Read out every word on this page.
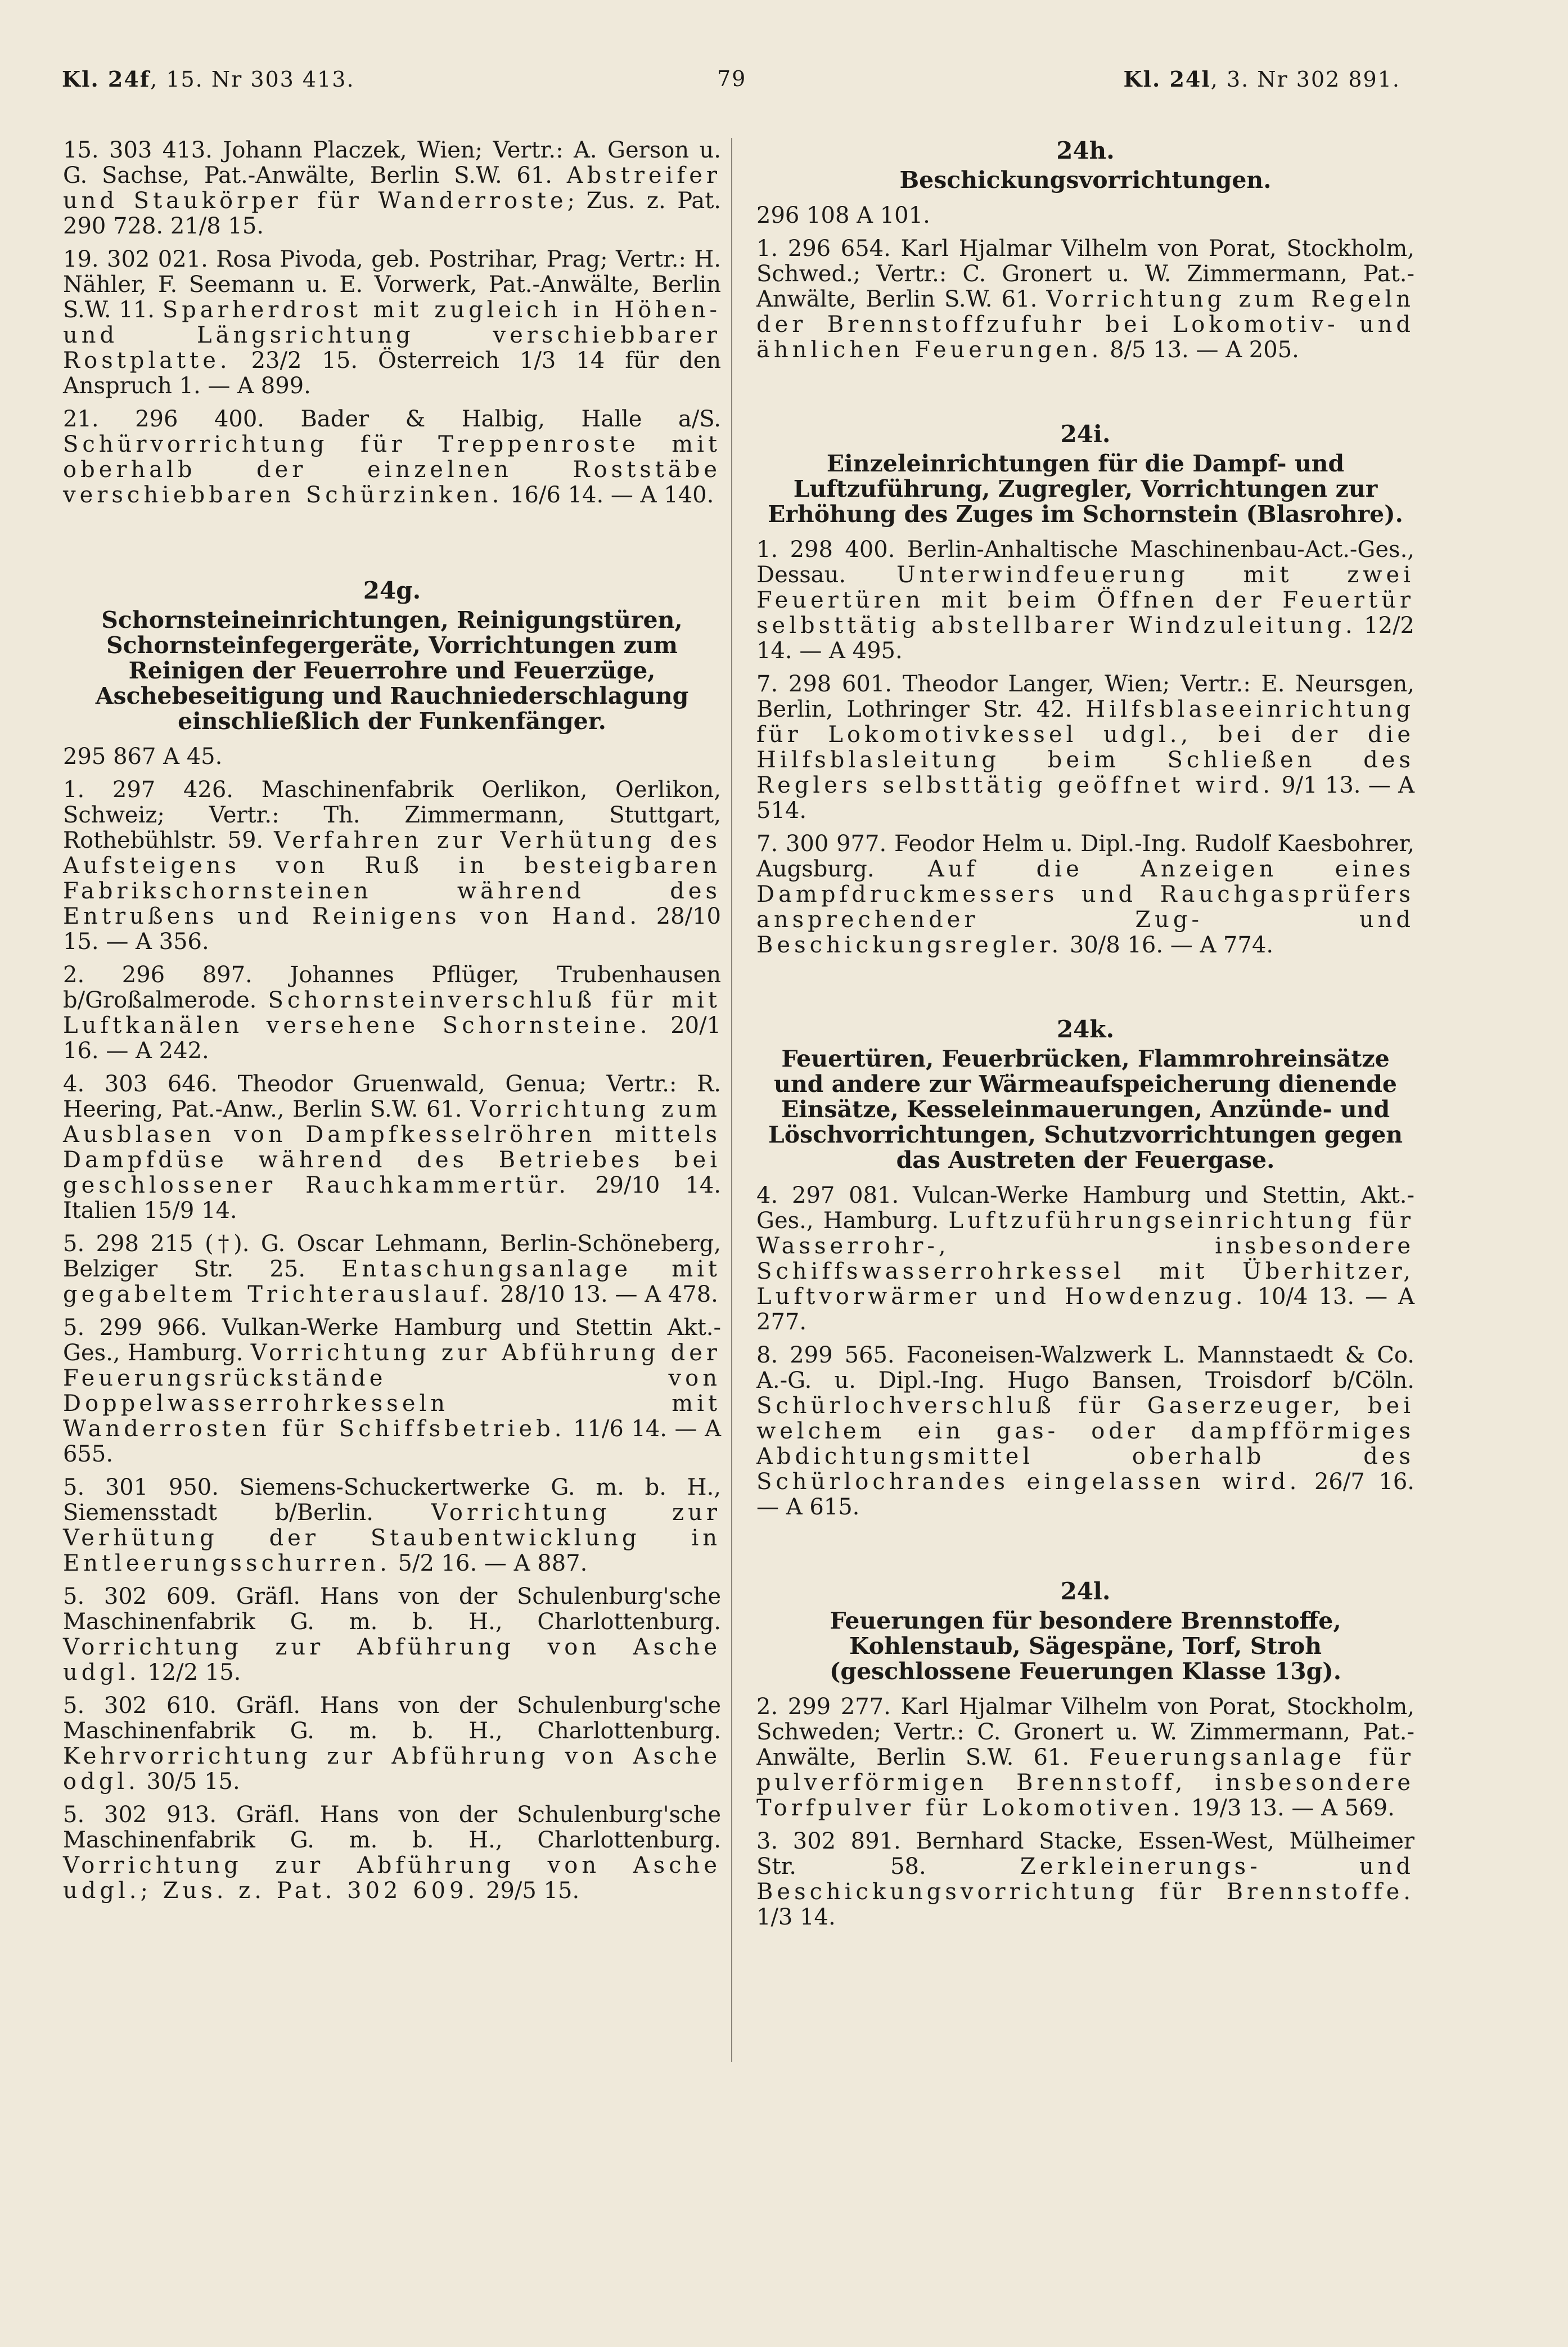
Kl. 24f, 15. Nr 303 413.	79	Kl. 24l, 3. Nr 302 891.

15. 303 413. Johann Placzek, Wien; Vertr.: A. Gerson u. G. Sachse, Pat.-Anwälte, Berlin S.W. 61. Abstreifer und Staukörper für Wanderroste; Zus. z. Pat. 290 728. 21/8 15.

19. 302 021. Rosa Pivoda, geb. Postrihar, Prag; Vertr.: H. Nähler, F. Seemann u. E. Vorwerk, Pat.-Anwälte, Berlin S.W. 11. Sparherdrost mit zugleich in Höhen- und Längsrichtung verschiebbarer Rostplatte. 23/2 15. Österreich 1/3 14 für den Anspruch 1. — A 899.

21. 296 400. Bader & Halbig, Halle a/S. Schürvorrichtung für Treppenroste mit oberhalb der einzelnen Roststäbe verschiebbaren Schürzinken. 16/6 14. — A 140.

24g.
Schornsteineinrichtungen, Reinigungstüren, Schornsteinfegergeräte, Vorrichtungen zum Reinigen der Feuerrohre und Feuerzüge, Aschebeseitigung und Rauchniederschlagung einschließlich der Funkenfänger.

295 867 A 45.

1. 297 426. Maschinenfabrik Oerlikon, Oerlikon, Schweiz; Vertr.: Th. Zimmermann, Stuttgart, Rothebühlstr. 59. Verfahren zur Verhütung des Aufsteigens von Ruß in besteigbaren Fabrikschornsteinen während des Entrußens und Reinigens von Hand. 28/10 15. — A 356.

2. 296 897. Johannes Pflüger, Trubenhausen b/Großalmerode. Schornsteinverschluß für mit Luftkanälen versehene Schornsteine. 20/1 16. — A 242.

4. 303 646. Theodor Gruenwald, Genua; Vertr.: R. Heering, Pat.-Anw., Berlin S.W. 61. Vorrichtung zum Ausblasen von Dampfkesselröhren mittels Dampfdüse während des Betriebes bei geschlossener Rauchkammertür. 29/10 14. Italien 15/9 14.

5. 298 215 (†). G. Oscar Lehmann, Berlin-Schöneberg, Belziger Str. 25. Entaschungsanlage mit gegabeltem Trichterauslauf. 28/10 13. — A 478.

5. 299 966. Vulkan-Werke Hamburg und Stettin Akt.-Ges., Hamburg. Vorrichtung zur Abführung der Feuerungsrückstände von Doppelwasserrohrkesseln mit Wanderrosten für Schiffsbetrieb. 11/6 14. — A 655.

5. 301 950. Siemens-Schuckertwerke G. m. b. H., Siemensstadt b/Berlin.	Vorrichtung zur Verhütung der Staubentwicklung in Entleerungsschurren. 5/2 16. — A 887.

5. 302 609. Gräfl. Hans von der Schulenburg'sche Maschinenfabrik G. m. b. H., Charlottenburg. Vorrichtung zur Abführung von Asche udgl. 12/2 15.

5. 302 610. Gräfl. Hans von der Schulenburg'sche Maschinenfabrik G. m. b. H., Charlottenburg. Kehrvorrichtung zur Abführung von Asche odgl. 30/5 15.

5. 302 913. Gräfl. Hans von der Schulenburg'sche Maschinenfabrik G. m. b. H., Charlottenburg. Vorrichtung zur Abführung von Asche udgl.; Zus. z. Pat. 302 609. 29/5 15.

24h.
Beschickungsvorrichtungen.

296 108 A 101.

1. 296 654. Karl Hjalmar Vilhelm von Porat, Stockholm, Schwed.; Vertr.: C. Gronert u. W. Zimmermann, Pat.-Anwälte, Berlin S.W. 61. Vorrichtung zum Regeln der Brennstoffzufuhr bei Lokomotiv- und ähnlichen Feuerungen. 8/5 13. — A 205.

24i.
Einzeleinrichtungen für die Dampf- und Luftzuführung, Zugregler, Vorrichtungen zur Erhöhung des Zuges im Schornstein (Blasrohre).

1. 298 400. Berlin-Anhaltische Maschinenbau-Act.-Ges., Dessau. Unterwindfeuerung mit zwei Feuertüren mit beim Öffnen der Feuertür selbsttätig abstellbarer Windzuleitung. 12/2 14. — A 495.

7. 298 601. Theodor Langer, Wien; Vertr.: E. Neursgen, Berlin, Lothringer Str. 42. Hilfsblaseeinrichtung für Lokomotivkessel udgl., bei der die Hilfsblasleitung beim Schließen des Reglers selbsttätig geöffnet wird. 9/1 13. — A 514.

7. 300 977. Feodor Helm u. Dipl.-Ing. Rudolf Kaesbohrer, Augsburg. Auf die Anzeigen eines Dampfdruckmessers und Rauchgasprüfers ansprechender Zug- und Beschickungsregler. 30/8 16. — A 774.

24k.
Feuertüren, Feuerbrücken, Flammrohreinsätze und andere zur Wärmeaufspeicherung dienende Einsätze, Kesseleinmauerungen, Anzünde- und Löschvorrichtungen, Schutzvorrichtungen gegen das Austreten der Feuergase.

4. 297 081. Vulcan-Werke Hamburg und Stettin, Akt.-Ges., Hamburg. Luftzuführungseinrichtung für Wasserrohr-, insbesondere Schiffswasserrohrkessel mit Überhitzer, Luftvorwärmer und Howdenzug. 10/4 13. — A 277.

8. 299 565. Faconeisen-Walzwerk L. Mannstaedt & Co. A.-G. u. Dipl.-Ing. Hugo Bansen, Troisdorf b/Cöln. Schürlochverschluß für Gaserzeuger, bei welchem ein gas- oder dampfförmiges Abdichtungsmittel oberhalb des Schürlochrandes eingelassen wird. 26/7 16. — A 615.

24l.
Feuerungen für besondere Brennstoffe, Kohlenstaub, Sägespäne, Torf, Stroh (geschlossene Feuerungen Klasse 13g).

2. 299 277. Karl Hjalmar Vilhelm von Porat, Stockholm, Schweden; Vertr.: C. Gronert u. W. Zimmermann, Pat.-Anwälte, Berlin S.W. 61. Feuerungsanlage für pulverförmigen Brennstoff, insbesondere Torfpulver für Lokomotiven. 19/3 13. — A 569.

3. 302 891. Bernhard Stacke, Essen-West, Mülheimer Str. 58.	Zerkleinerungs- und Beschickungsvorrichtung für Brennstoffe. 1/3 14.
